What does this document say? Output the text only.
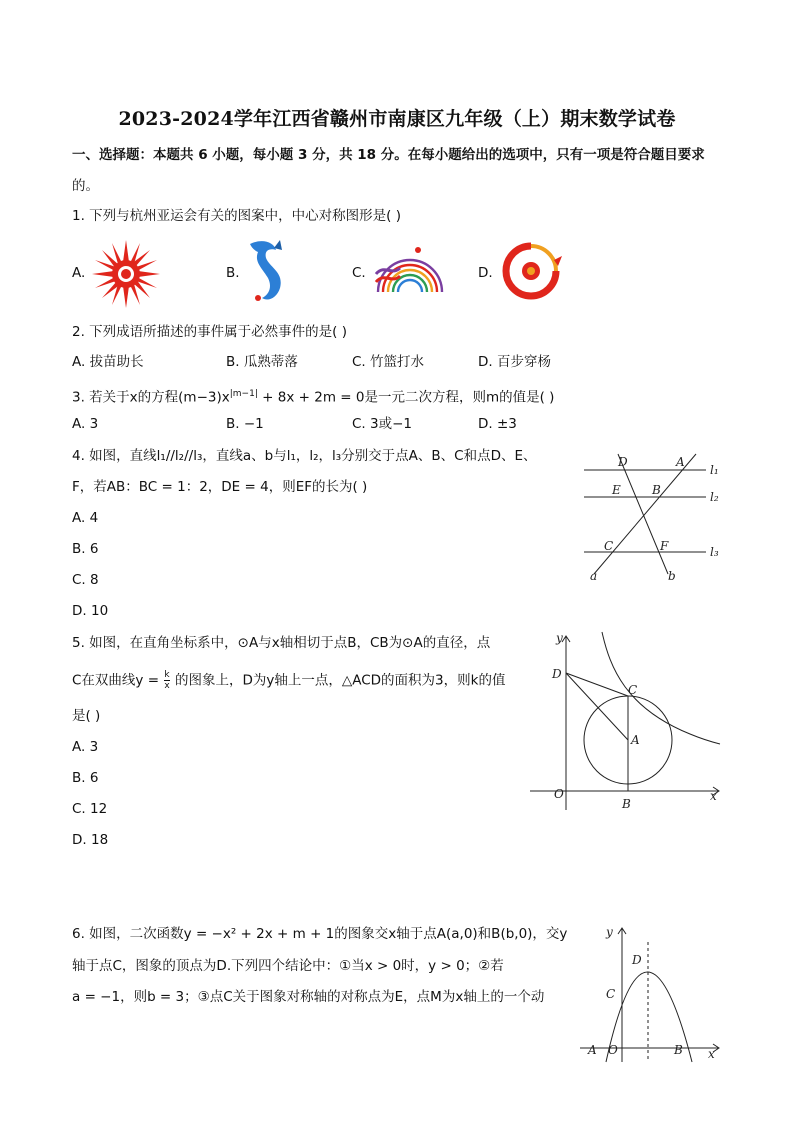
2023-2024学年江西省赣州市南康区九年级（上）期末数学试卷
一、选择题：本题共 6 小题，每小题 3 分，共 18 分。在每小题给出的选项中，只有一项是符合题目要求
的。
1. 下列与杭州亚运会有关的图案中，中心对称图形是( )
A.	B.	C.	D.
2. 下列成语所描述的事件属于必然事件的是( )
A. 拔苗助长	B. 瓜熟蒂落	C. 竹篮打水	D. 百步穿杨
3. 若关于x的方程$(m-3)x^{|m-1|} + 8x + 2m = 0$是一元二次方程，则m的值是( )
A. 3	B. −1	C. 3或−1	D. ±3
4. 如图，直线l₁//l₂//l₃，直线a、b与l₁，l₂，l₃分别交于点A、B、C和点D、E、
F，若AB：BC = 1：2，DE = 4，则EF的长为( )
A. 4
B. 6
C. 8
D. 10
D	A
E	B
C	F
a	b
l₁
l₂
l₃
5. 如图，在直角坐标系中，⊙A与x轴相切于点B，CB为⊙A的直径，点
C在双曲线$y = \frac{k}{x}$ 的图象上，D为y轴上一点，△ACD的面积为3，则k的值
是( )
A. 3
B. 6
C. 12
D. 18
y
D
C
A
O
B
x
6. 如图，二次函数y = −x² + 2x + m + 1的图象交x轴于点A(a,0)和B(b,0)，交y
轴于点C，图象的顶点为D.下列四个结论中：①当x > 0时，y > 0；②若
a = −1，则b = 3；③点C关于图象对称轴的对称点为E，点M为x轴上的一个动
y
D
C
A O	B x
